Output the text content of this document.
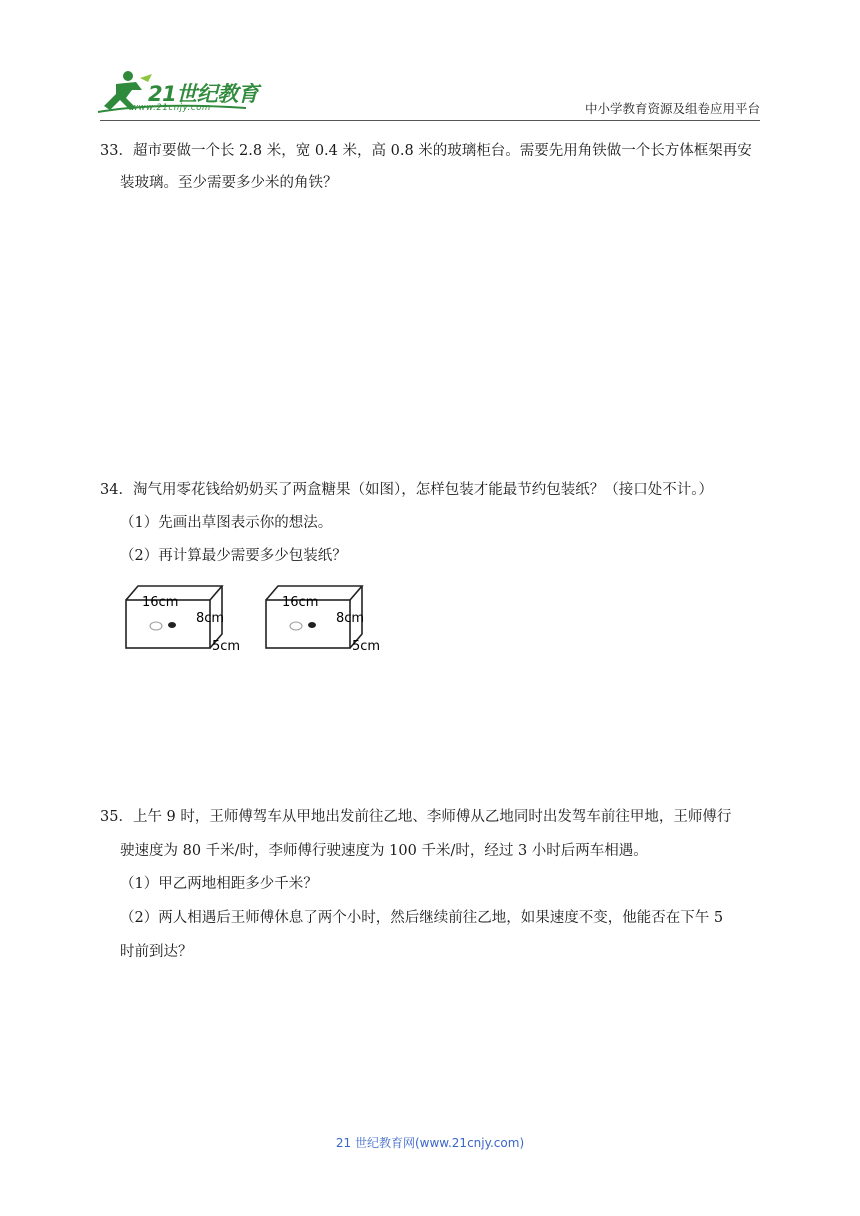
21世纪教育
www.21cnjy.com	中小学教育资源及组卷应用平台
33．超市要做一个长 2.8 米，宽 0.4 米，高 0.8 米的玻璃柜台。需要先用角铁做一个长方体框架再安
装玻璃。至少需要多少米的角铁？
34．淘气用零花钱给奶奶买了两盒糖果（如图），怎样包装才能最节约包装纸？（接口处不计。）
（1）先画出草图表示你的想法。
（2）再计算最少需要多少包装纸？
16cm
8cm
5cm
16cm
8cm
5cm
35．上午 9 时，王师傅驾车从甲地出发前往乙地、李师傅从乙地同时出发驾车前往甲地，王师傅行
驶速度为 80 千米/时，李师傅行驶速度为 100 千米/时，经过 3 小时后两车相遇。
（1）甲乙两地相距多少千米？
（2）两人相遇后王师傅休息了两个小时，然后继续前往乙地，如果速度不变，他能否在下午 5
时前到达？
21 世纪教育网(www.21cnjy.com)
